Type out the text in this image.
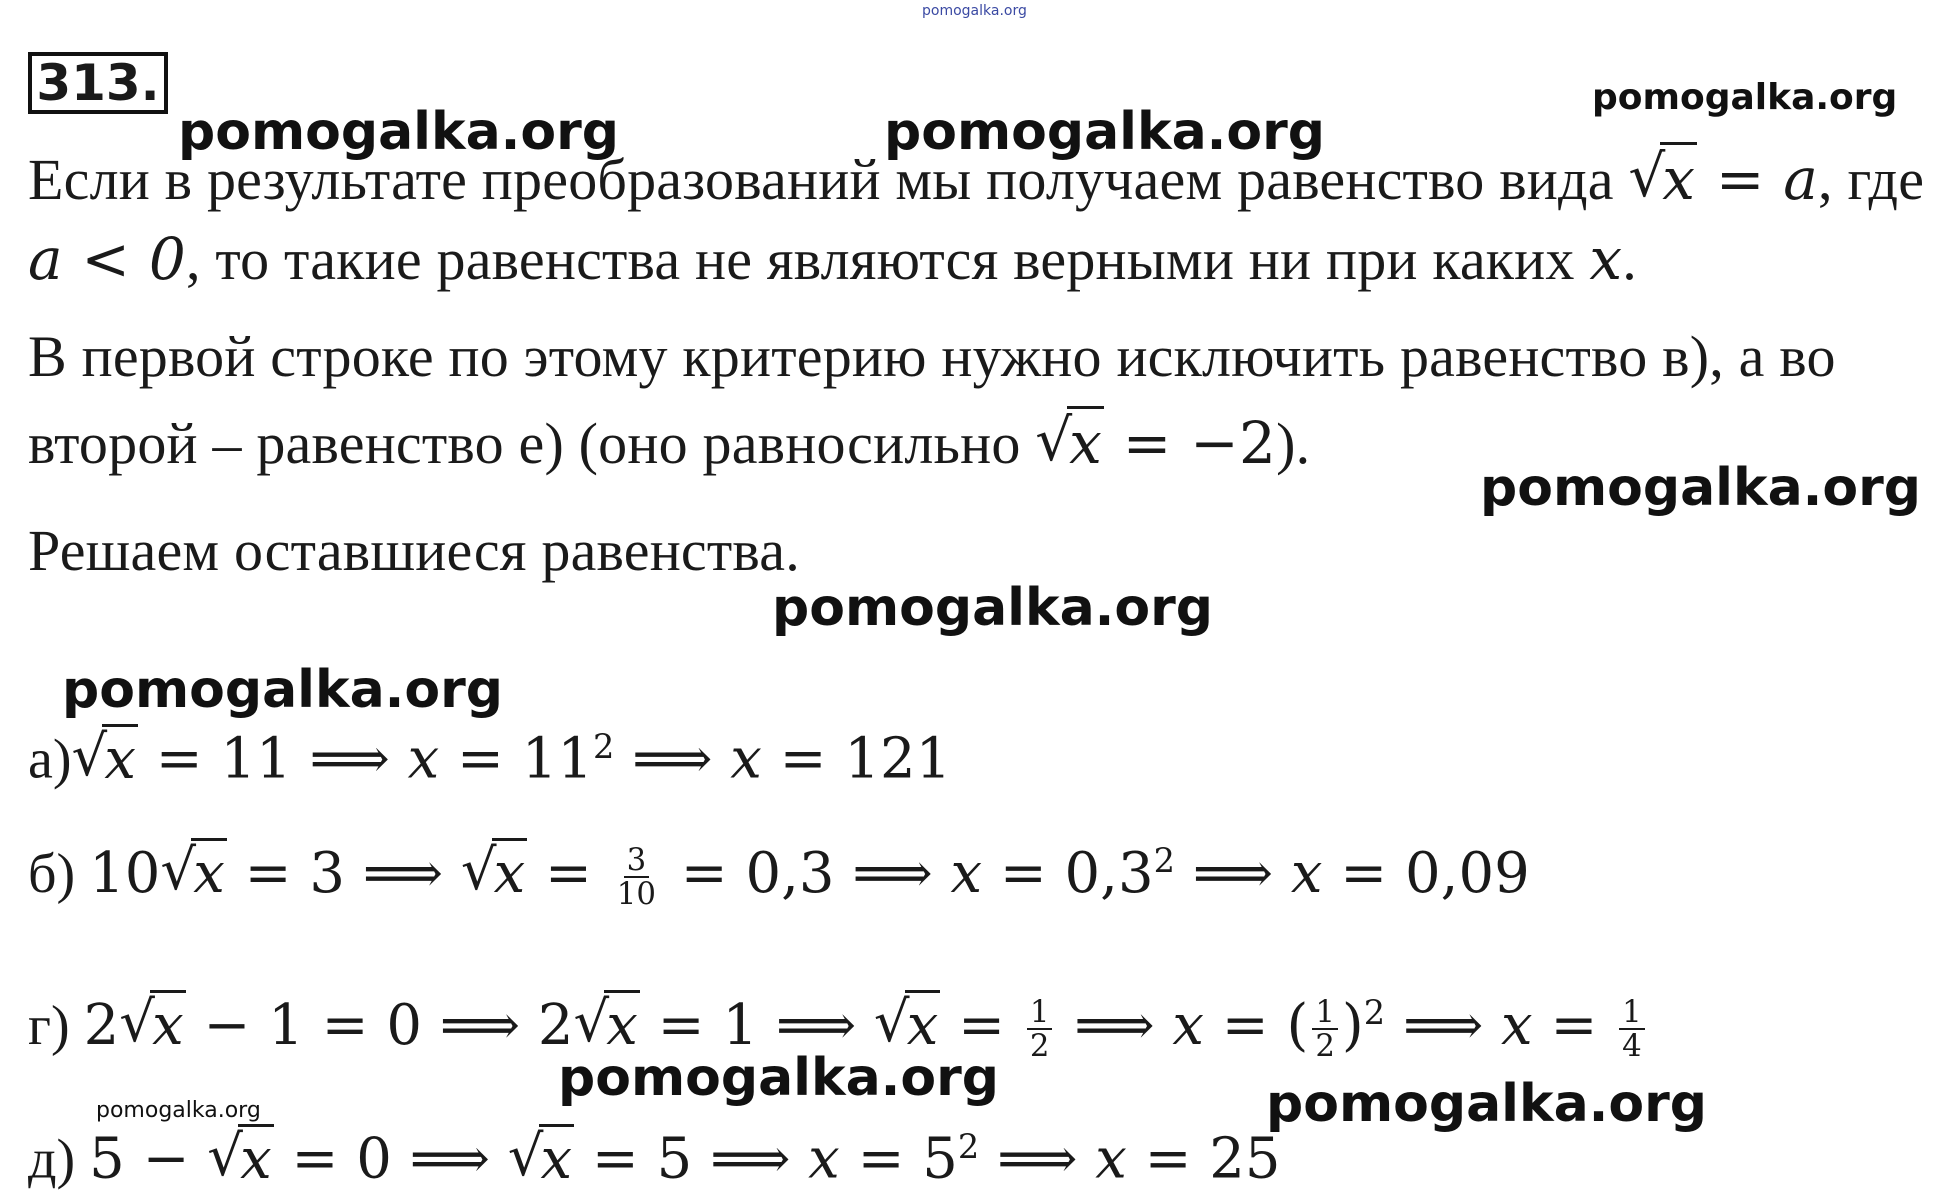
pomogalka.org
313.	pomogalka.org
pomogalka.org	pomogalka.org
pomogalka.org
pomogalka.org
pomogalka.org
pomogalka.org	pomogalka.org
pomogalka.org
Если в результате преобразований мы получаем равенство вида √
x = a, где
a < 0, то такие равенства не являются верными ни при каких x.
В первой строке по этому критерию нужно исключить равенство в), а во
второй – равенство е) (оно равносильно √
x = −2).
Решаем оставшиеся равенства.
а) √
x = 11 ⟹ $x = 11^2$ ⟹ x = 121
б) 10 √
x = 3 ⟹ √
$x = \frac{3}{10} = 0,3$ ⟹ $x = 0,3^2$ ⟹ x = 0,09
г) 2 √
x − 1 = 0 ⟹ 2 √
x = 1 ⟹ √
$x = \frac{1}{2}$ ⟹ x = ( $\frac{1}{2} )^2$ ⟹ $x = \frac{1}{4}$
д) 5 − √
x = 0 ⟹ √
x = 5 ⟹ $x = 5^2$ ⟹ x = 25
